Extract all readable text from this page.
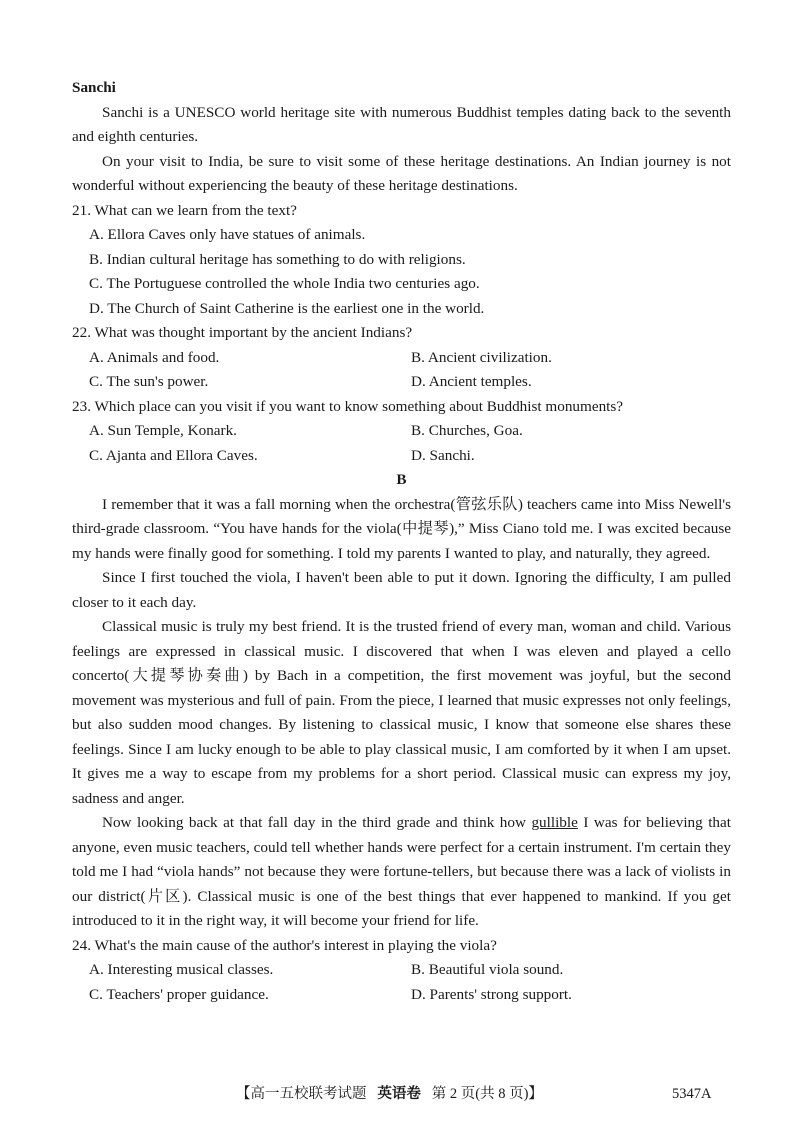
Sanchi

Sanchi is a UNESCO world heritage site with numerous Buddhist temples dating back to the seventh and eighth centuries.

On your visit to India, be sure to visit some of these heritage destinations. An Indian journey is not wonderful without experiencing the beauty of these heritage destinations.

21. What can we learn from the text?
A. Ellora Caves only have statues of animals.
B. Indian cultural heritage has something to do with religions.
C. The Portuguese controlled the whole India two centuries ago.
D. The Church of Saint Catherine is the earliest one in the world.
22. What was thought important by the ancient Indians?
A. Animals and food.	B. Ancient civilization.
C. The sun's power.	D. Ancient temples.
23. Which place can you visit if you want to know something about Buddhist monuments?
A. Sun Temple, Konark.	B. Churches, Goa.
C. Ajanta and Ellora Caves.	D. Sanchi.
B

I remember that it was a fall morning when the orchestra(管弦乐队) teachers came into Miss Newell's third-grade classroom. “You have hands for the viola(中提琴),” Miss Ciano told me. I was excited because my hands were finally good for something. I told my parents I wanted to play, and naturally, they agreed.

Since I first touched the viola, I haven't been able to put it down. Ignoring the difficulty, I am pulled closer to it each day.

Classical music is truly my best friend. It is the trusted friend of every man, woman and child. Various feelings are expressed in classical music. I discovered that when I was eleven and played a cello concerto(大提琴协奏曲) by Bach in a competition, the first movement was joyful, but the second movement was mysterious and full of pain. From the piece, I learned that music expresses not only feelings, but also sudden mood changes. By listening to classical music, I know that someone else shares these feelings. Since I am lucky enough to be able to play classical music, I am comforted by it when I am upset. It gives me a way to escape from my problems for a short period. Classical music can express my joy, sadness and anger.

Now looking back at that fall day in the third grade and think how gullible I was for believing that anyone, even music teachers, could tell whether hands were perfect for a certain instrument. I'm certain they told me I had “viola hands” not because they were fortune-tellers, but because there was a lack of violists in our district(片区). Classical music is one of the best things that ever happened to mankind. If you get introduced to it in the right way, it will become your friend for life.

24. What's the main cause of the author's interest in playing the viola?
A. Interesting musical classes.	B. Beautiful viola sound.
C. Teachers' proper guidance.	D. Parents' strong support.
【高一五校联考试题 英语卷 第 2 页(共 8 页)】	5347A
